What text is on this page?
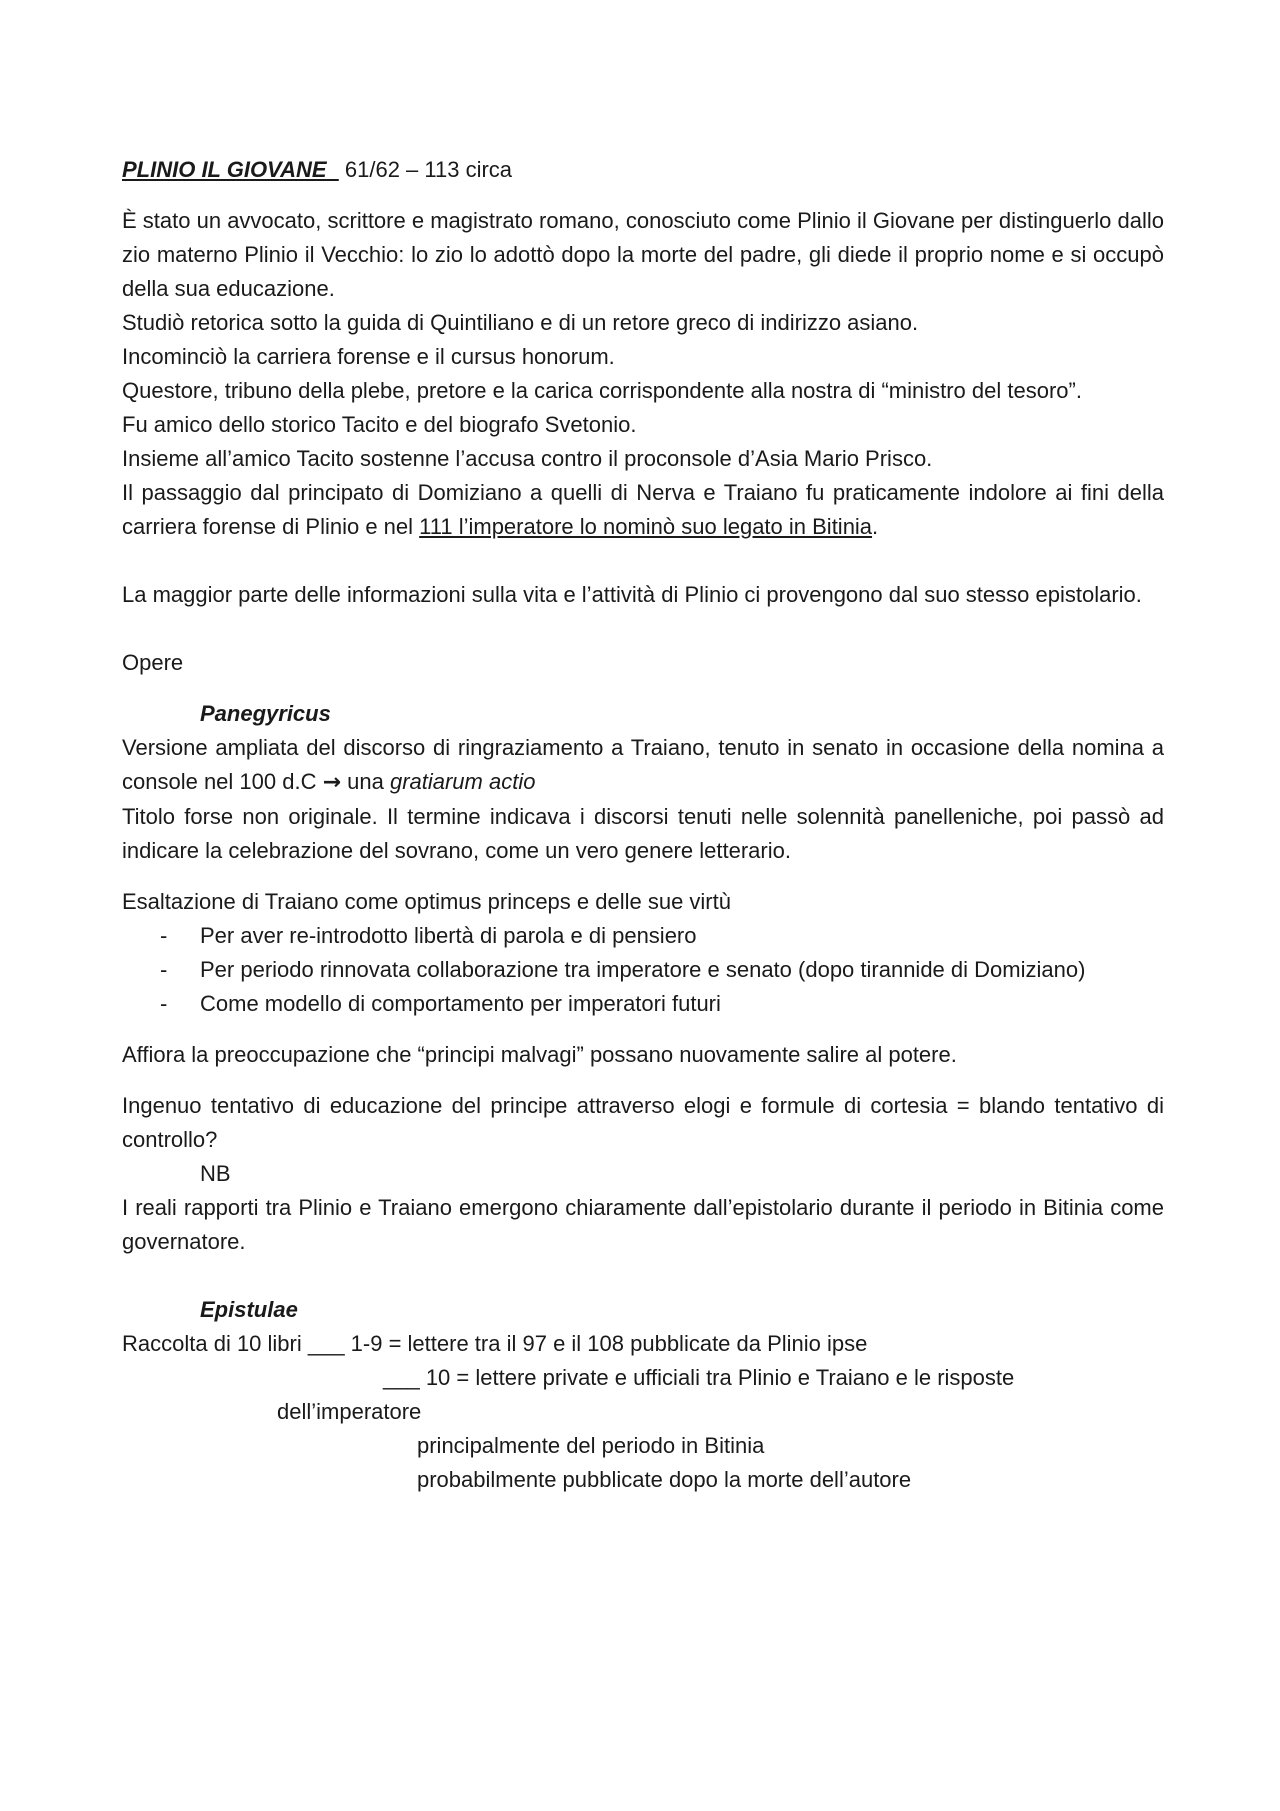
PLINIO IL GIOVANE   61/62 – 113 circa

È stato un avvocato, scrittore e magistrato romano, conosciuto come Plinio il Giovane per distinguerlo dallo zio materno Plinio il Vecchio: lo zio lo adottò dopo la morte del padre, gli diede il proprio nome e si occupò della sua educazione.

Studiò retorica sotto la guida di Quintiliano e di un retore greco di indirizzo asiano.

Incominciò la carriera forense e il cursus honorum.

Questore, tribuno della plebe, pretore e la carica corrispondente alla nostra di “ministro del tesoro”.

Fu amico dello storico Tacito e del biografo Svetonio.

Insieme all’amico Tacito sostenne l’accusa contro il proconsole d’Asia Mario Prisco.

Il passaggio dal principato di Domiziano a quelli di Nerva e Traiano fu praticamente indolore ai fini della carriera forense di Plinio e nel 111 l’imperatore lo nominò suo legato in Bitinia.

La maggior parte delle informazioni sulla vita e l’attività di Plinio ci provengono dal suo stesso epistolario.

Opere

Panegyricus

Versione ampliata del discorso di ringraziamento a Traiano, tenuto in senato in occasione della nomina a console nel 100 d.C → una gratiarum actio

Titolo forse non originale. Il termine indicava i discorsi tenuti nelle solennità panelleniche, poi passò ad indicare la celebrazione del sovrano, come un vero genere letterario.

Esaltazione di Traiano come optimus princeps e delle sue virtù

- Per aver re-introdotto libertà di parola e di pensiero
- Per periodo rinnovata collaborazione tra imperatore e senato (dopo tirannide di Domiziano)
- Come modello di comportamento per imperatori futuri

Affiora la preoccupazione che “principi malvagi” possano nuovamente salire al potere.

Ingenuo tentativo di educazione del principe attraverso elogi e formule di cortesia = blando tentativo di controllo?

NB

I reali rapporti tra Plinio e Traiano emergono chiaramente dall’epistolario durante il periodo in Bitinia come governatore.

Epistulae

Raccolta di 10 libri ___ 1-9 = lettere tra il 97 e il 108 pubblicate da Plinio ipse

___ 10 = lettere private e ufficiali tra Plinio e Traiano e le risposte

dell’imperatore

principalmente del periodo in Bitinia

probabilmente pubblicate dopo la morte dell’autore
